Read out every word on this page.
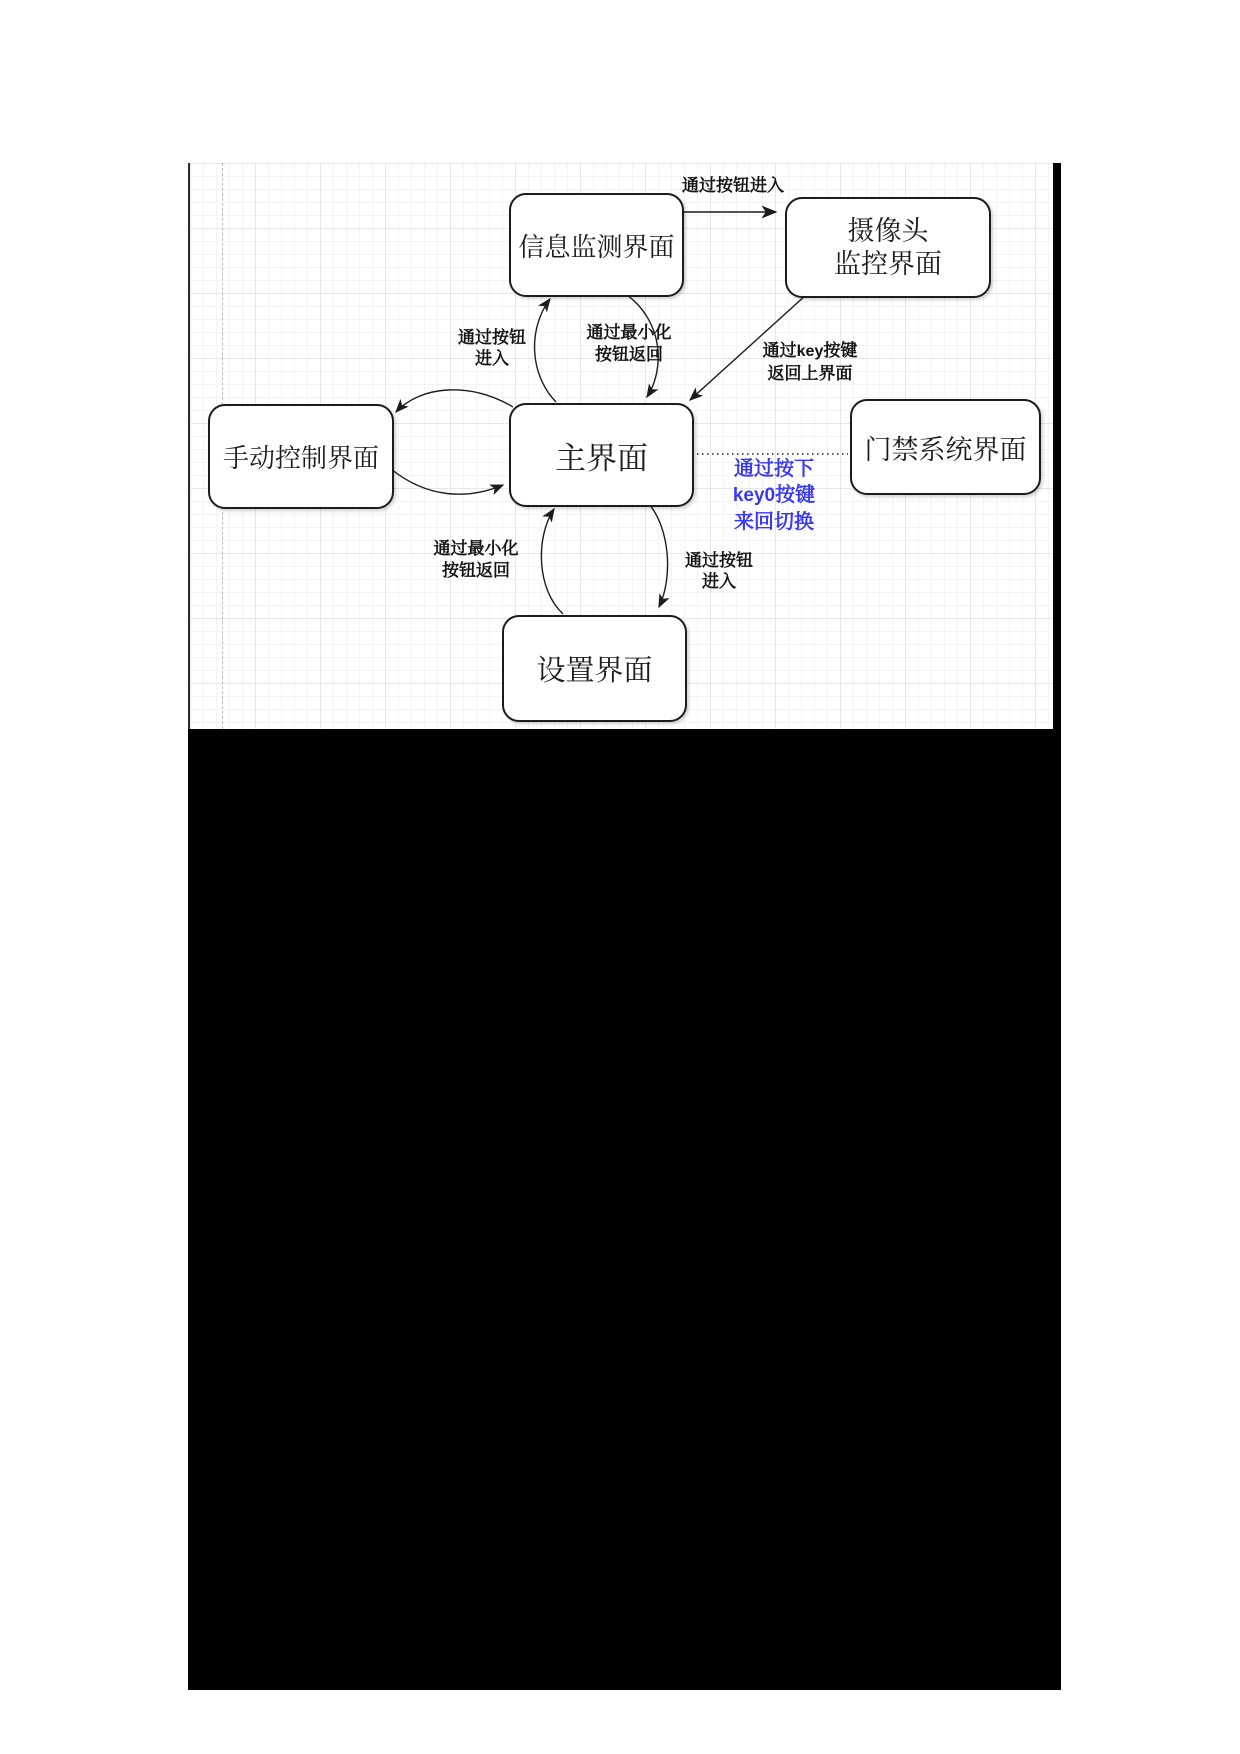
信息监测界面
摄像头
监控界面
主界面
手动控制界面	门禁系统界面
设置界面
通过按钮进入
通过按钮
进入
通过最小化
按钮返回	通过key按键
返回上界面
通过最小化
按钮返回
通过按钮
进入
通过按下
key0按键
来回切换
